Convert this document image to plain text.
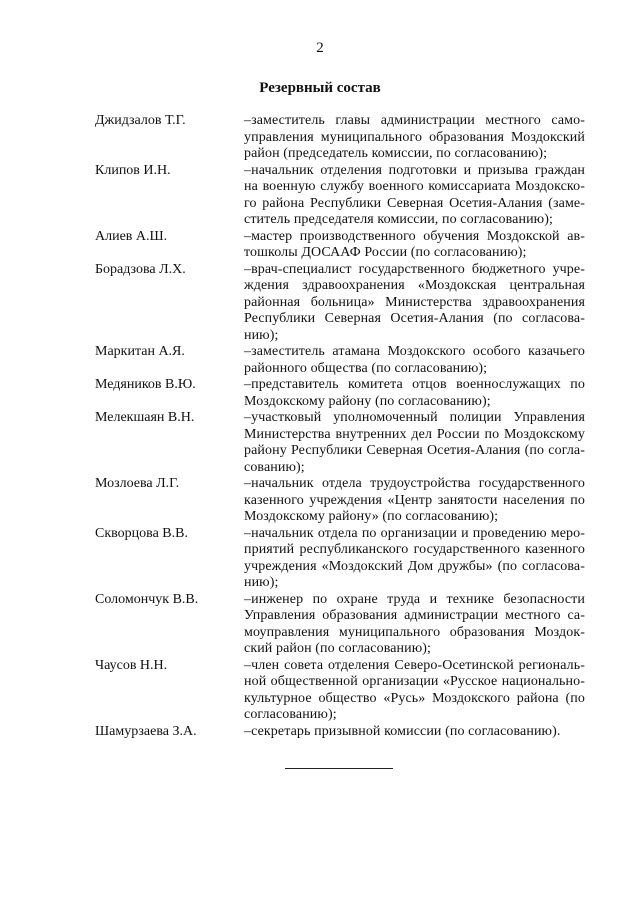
2
Резервный состав
Джидзалов Т.Г.	–заместитель главы администрации местного само-управления муниципального образования Моздокский район (председатель комиссии, по согласованию);
Клипов И.Н.	–начальник отделения подготовки и призыва граждан на военную службу военного комиссариата Моздокско-го района Республики Северная Осетия-Алания (заме-ститель председателя комиссии, по согласованию);
Алиев А.Ш.	–мастер производственного обучения Моздокской ав-тошколы ДОСААФ России (по согласованию);
Борадзова Л.Х.	–врач-специалист государственного бюджетного учре-ждения здравоохранения «Моздокская центральная районная больница» Министерства здравоохранения Республики Северная Осетия-Алания (по согласова-нию);
Маркитан А.Я.	–заместитель атамана Моздокского особого казачьего районного общества (по согласованию);
Медяников В.Ю.	–представитель комитета отцов военнослужащих по Моздокскому району (по согласованию);
Мелекшаян В.Н.	–участковый уполномоченный полиции Управления Министерства внутренних дел России по Моздокскому району Республики Северная Осетия-Алания (по согла-сованию);
Мозлоева Л.Г.	–начальник отдела трудоустройства государственного казенного учреждения «Центр занятости населения по Моздокскому району» (по согласованию);
Скворцова В.В.	–начальник отдела по организации и проведению меро-приятий республиканского государственного казенного учреждения «Моздокский Дом дружбы» (по согласова-нию);
Соломончук В.В.	–инженер по охране труда и технике безопасности Управления образования администрации местного са-моуправления муниципального образования Моздок-ский район (по согласованию);
Чаусов Н.Н.	–член совета отделения Северо-Осетинской региональ-ной общественной организации «Русское национально-культурное общество «Русь» Моздокского района (по согласованию);
Шамурзаева З.А.	–секретарь призывной комиссии (по согласованию).
